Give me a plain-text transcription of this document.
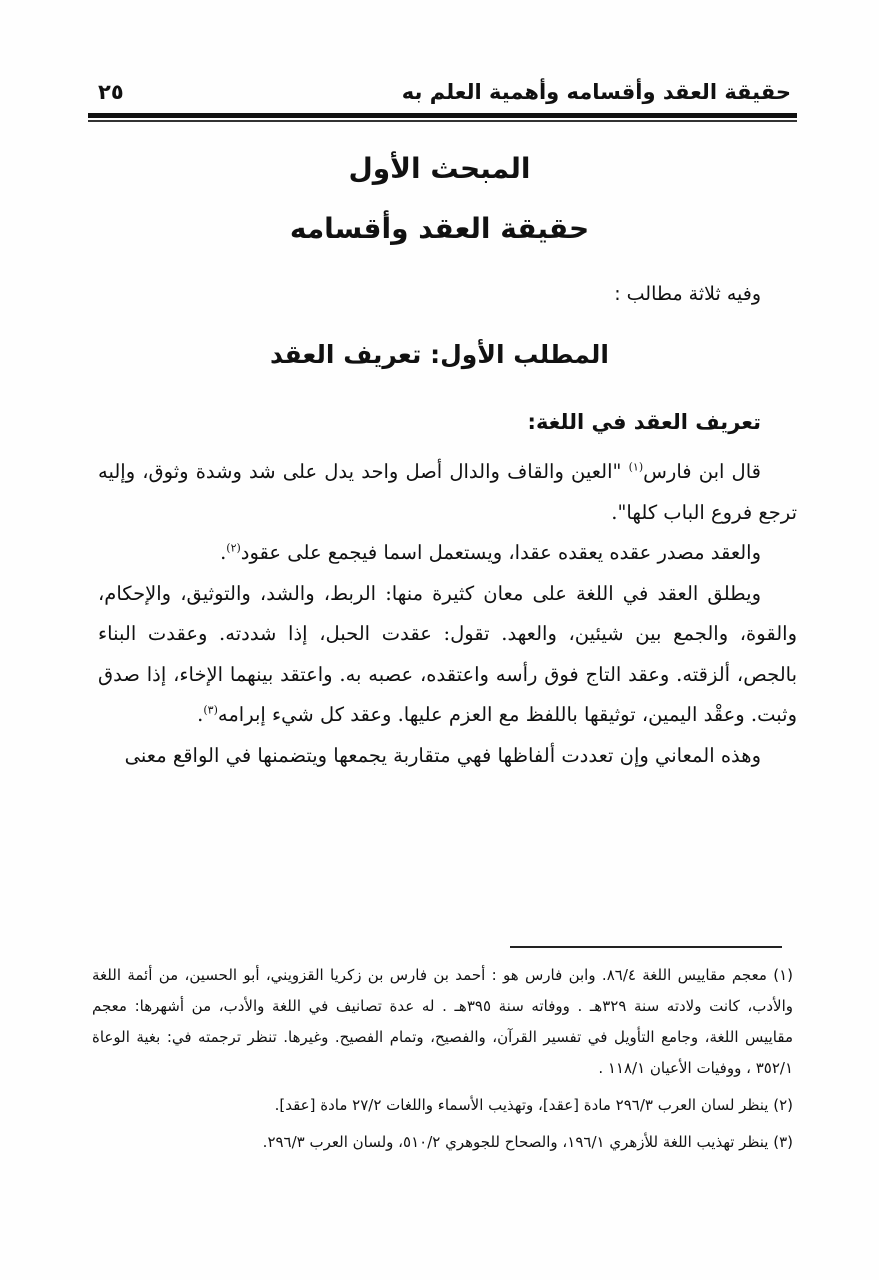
حقيقة العقد وأقسامه وأهمية العلم به
٢٥
المبحث الأول
حقيقة العقد وأقسامه
وفيه ثلاثة مطالب :
المطلب الأول: تعريف العقد
تعريف العقد في اللغة:

قال ابن فارس$^{(١)}$ "العين والقاف والدال أصل واحد يدل على شد وشدة وثوق، وإليه ترجع فروع الباب كلها".

والعقد مصدر عقده يعقده عقدا، ويستعمل اسما فيجمع على عقود$^{(٢)}$.

ويطلق العقد في اللغة على معان كثيرة منها: الربط، والشد، والتوثيق، والإحكام، والقوة، والجمع بين شيئين، والعهد. تقول: عقدت الحبل، إذا شددته. وعقدت البناء بالجص، ألزقته. وعقد التاج فوق رأسه واعتقده، عصبه به. واعتقد بينهما الإخاء، إذا صدق وثبت. وعقْد اليمين، توثيقها باللفظ مع العزم عليها. وعقد كل شيء إبرامه$^{(٣)}$.

وهذه المعاني وإن تعددت ألفاظها فهي متقاربة يجمعها ويتضمنها في الواقع معنى

(١) معجم مقاييس اللغة ٨٦/٤. وابن فارس هو : أحمد بن فارس بن زكريا القزويني، أبو الحسين، من أئمة اللغة والأدب، كانت ولادته سنة ٣٢٩هـ . ووفاته سنة ٣٩٥هـ . له عدة تصانيف في اللغة والأدب، من أشهرها: معجم مقاييس اللغة، وجامع التأويل في تفسير القرآن، والفصيح، وتمام الفصيح. وغيرها. تنظر ترجمته في: بغية الوعاة ٣٥٢/١ ، ووفيات الأعيان ١١٨/١ .

(٢) ينظر لسان العرب ٢٩٦/٣ مادة [عقد]، وتهذيب الأسماء واللغات ٢٧/٢ مادة [عقد].

(٣) ينظر تهذيب اللغة للأزهري ١٩٦/١، والصحاح للجوهري ٥١٠/٢، ولسان العرب ٢٩٦/٣.
